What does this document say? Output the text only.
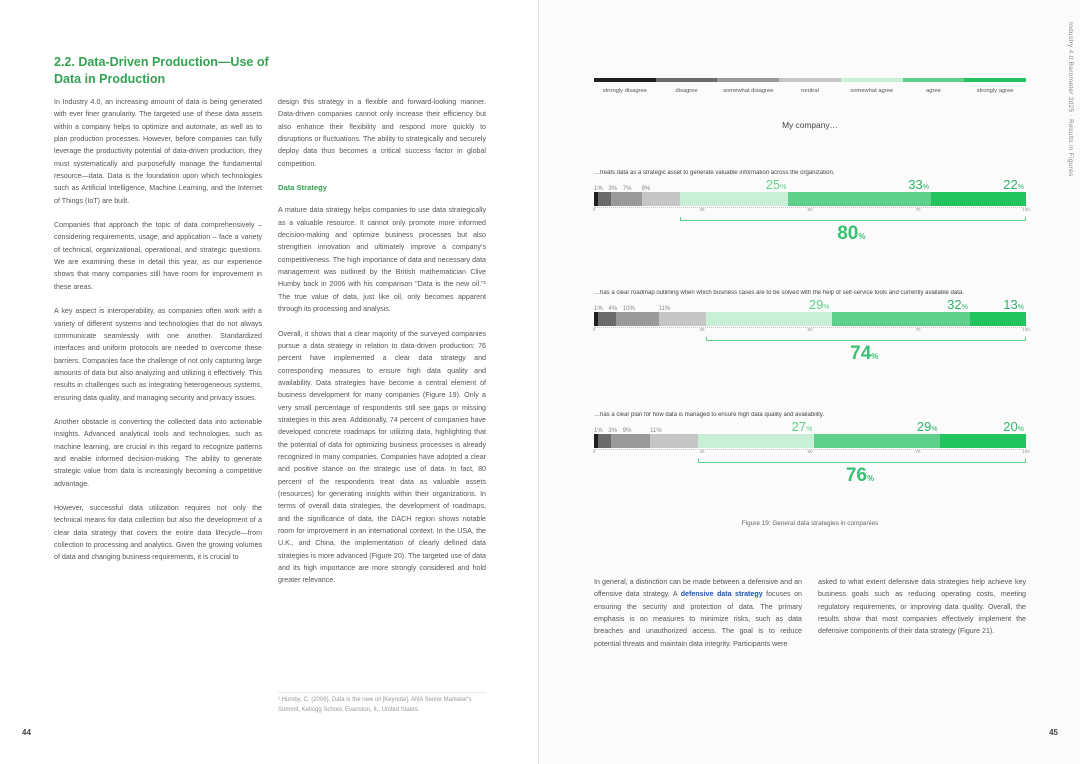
2.2. Data-Driven Production—Use of Data in Production

In Industry 4.0, an increasing amount of data is being generated with ever finer granularity. The targeted use of these data assets within a company helps to optimize and automate, as well as to plan production processes. However, before companies can fully leverage the productivity potential of data-driven production, they must systematically and purposefully manage the fundamental resource—data. Data is the foundation upon which technologies such as Artificial Intelligence, Machine Learning, and the Internet of Things (IoT) are built.

Companies that approach the topic of data comprehensively – considering requirements, usage, and application – face a variety of technical, organizational, operational, and strategic questions. We are examining these in detail this year, as our experience shows that many companies still have room for improvement in these areas.

A key aspect is interoperability, as companies often work with a variety of different systems and technologies that do not always communicate seamlessly with one another. Standardized interfaces and uniform protocols are needed to overcome these barriers. Companies face the challenge of not only capturing large amounts of data but also analyzing and utilizing it effectively. This results in challenges such as integrating heterogeneous systems, ensuring data quality, and managing security and privacy issues.

Another obstacle is converting the collected data into actionable insights. Advanced analytical tools and technologies, such as machine learning, are crucial in this regard to recognize patterns and enable informed decision-making. The ability to generate strategic value from data is increasingly becoming a competitive advantage.

However, successful data utilization requires not only the technical means for data collection but also the development of a clear data strategy that covers the entire data lifecycle—from collection to processing and analytics. Given the growing volumes of data and changing business requirements, it is crucial to

design this strategy in a flexible and forward-looking manner. Data-driven companies cannot only increase their efficiency but also enhance their flexibility and respond more quickly to disruptions or fluctuations. The ability to strategically and securely deploy data thus becomes a critical success factor in global competition.

Data Strategy

A mature data strategy helps companies to use data strategically as a valuable resource. It cannot only promote more informed decision-making and optimize business processes but also strengthen innovation and ultimately improve a company's competitiveness. The high importance of data and necessary data management was outlined by the British mathematician Clive Humby back in 2006 with his comparison "Data is the new oil."¹ The true value of data, just like oil, only becomes apparent through its processing and analysis.

Overall, it shows that a clear majority of the surveyed companies pursue a data strategy in relation to data-driven production: 76 percent have implemented a clear data strategy and corresponding measures to ensure high data quality and availability. Data strategies have become a central element of business development for many companies (Figure 19). Only a very small percentage of respondents still see gaps or missing strategies in this area. Additionally, 74 percent of companies have developed concrete roadmaps for utilizing data, highlighting that the potential of data for optimizing business processes is already recognized in many companies. Companies have adopted a clear and positive stance on the strategic use of data. In fact, 80 percent of the respondents treat data as valuable assets (resources) for generating insights within their organizations. In terms of overall data strategies, the development of roadmaps, and the significance of data, the DACH region shows notable room for improvement in an international context. In the USA, the U.K., and China, the implementation of clearly defined data strategies is more advanced (Figure 20). The targeted use of data and its high importance are more strongly considered and hold greater relevance.

¹ Humby, C. (2006). Data is the new oil [Keynote]. ANA Senior Marketer's Summit, Kellogg School, Evanston, IL, United States.
44
Industry 4.0 Barometer 2025 · Results in Figures
strongly disagree	disagree	somewhat disagree	neutral	somewhat agree	agree	strongly agree
My company…
…treats data as a strategic asset to generate valuable information across the organization.
1% 3% 7% 9%	25%	33%	22%
0	25	50	75	100
80%
…has a clear roadmap outlining when which business cases are to be solved with the help of self-service tools and currently available data.
1% 4% 10%	11%	29%	32%	13%
0	25	50	75	100
74%
…has a clear plan for how data is managed to ensure high data quality and availability.
1% 3% 9%	11%	27%	29%	20%
0	25	50	75	100
76%
Figure 19: General data strategies in companies
In general, a distinction can be made between a defensive and an offensive data strategy. A defensive data strategy focuses on ensuring the security and protection of data. The primary emphasis is on measures to minimize risks, such as data breaches and unauthorized access. The goal is to reduce potential threats and maintain data integrity. Participants were
asked to what extent defensive data strategies help achieve key business goals such as reducing operating costs, meeting regulatory requirements, or improving data quality. Overall, the results show that most companies effectively implement the defensive components of their data strategy (Figure 21).
45
